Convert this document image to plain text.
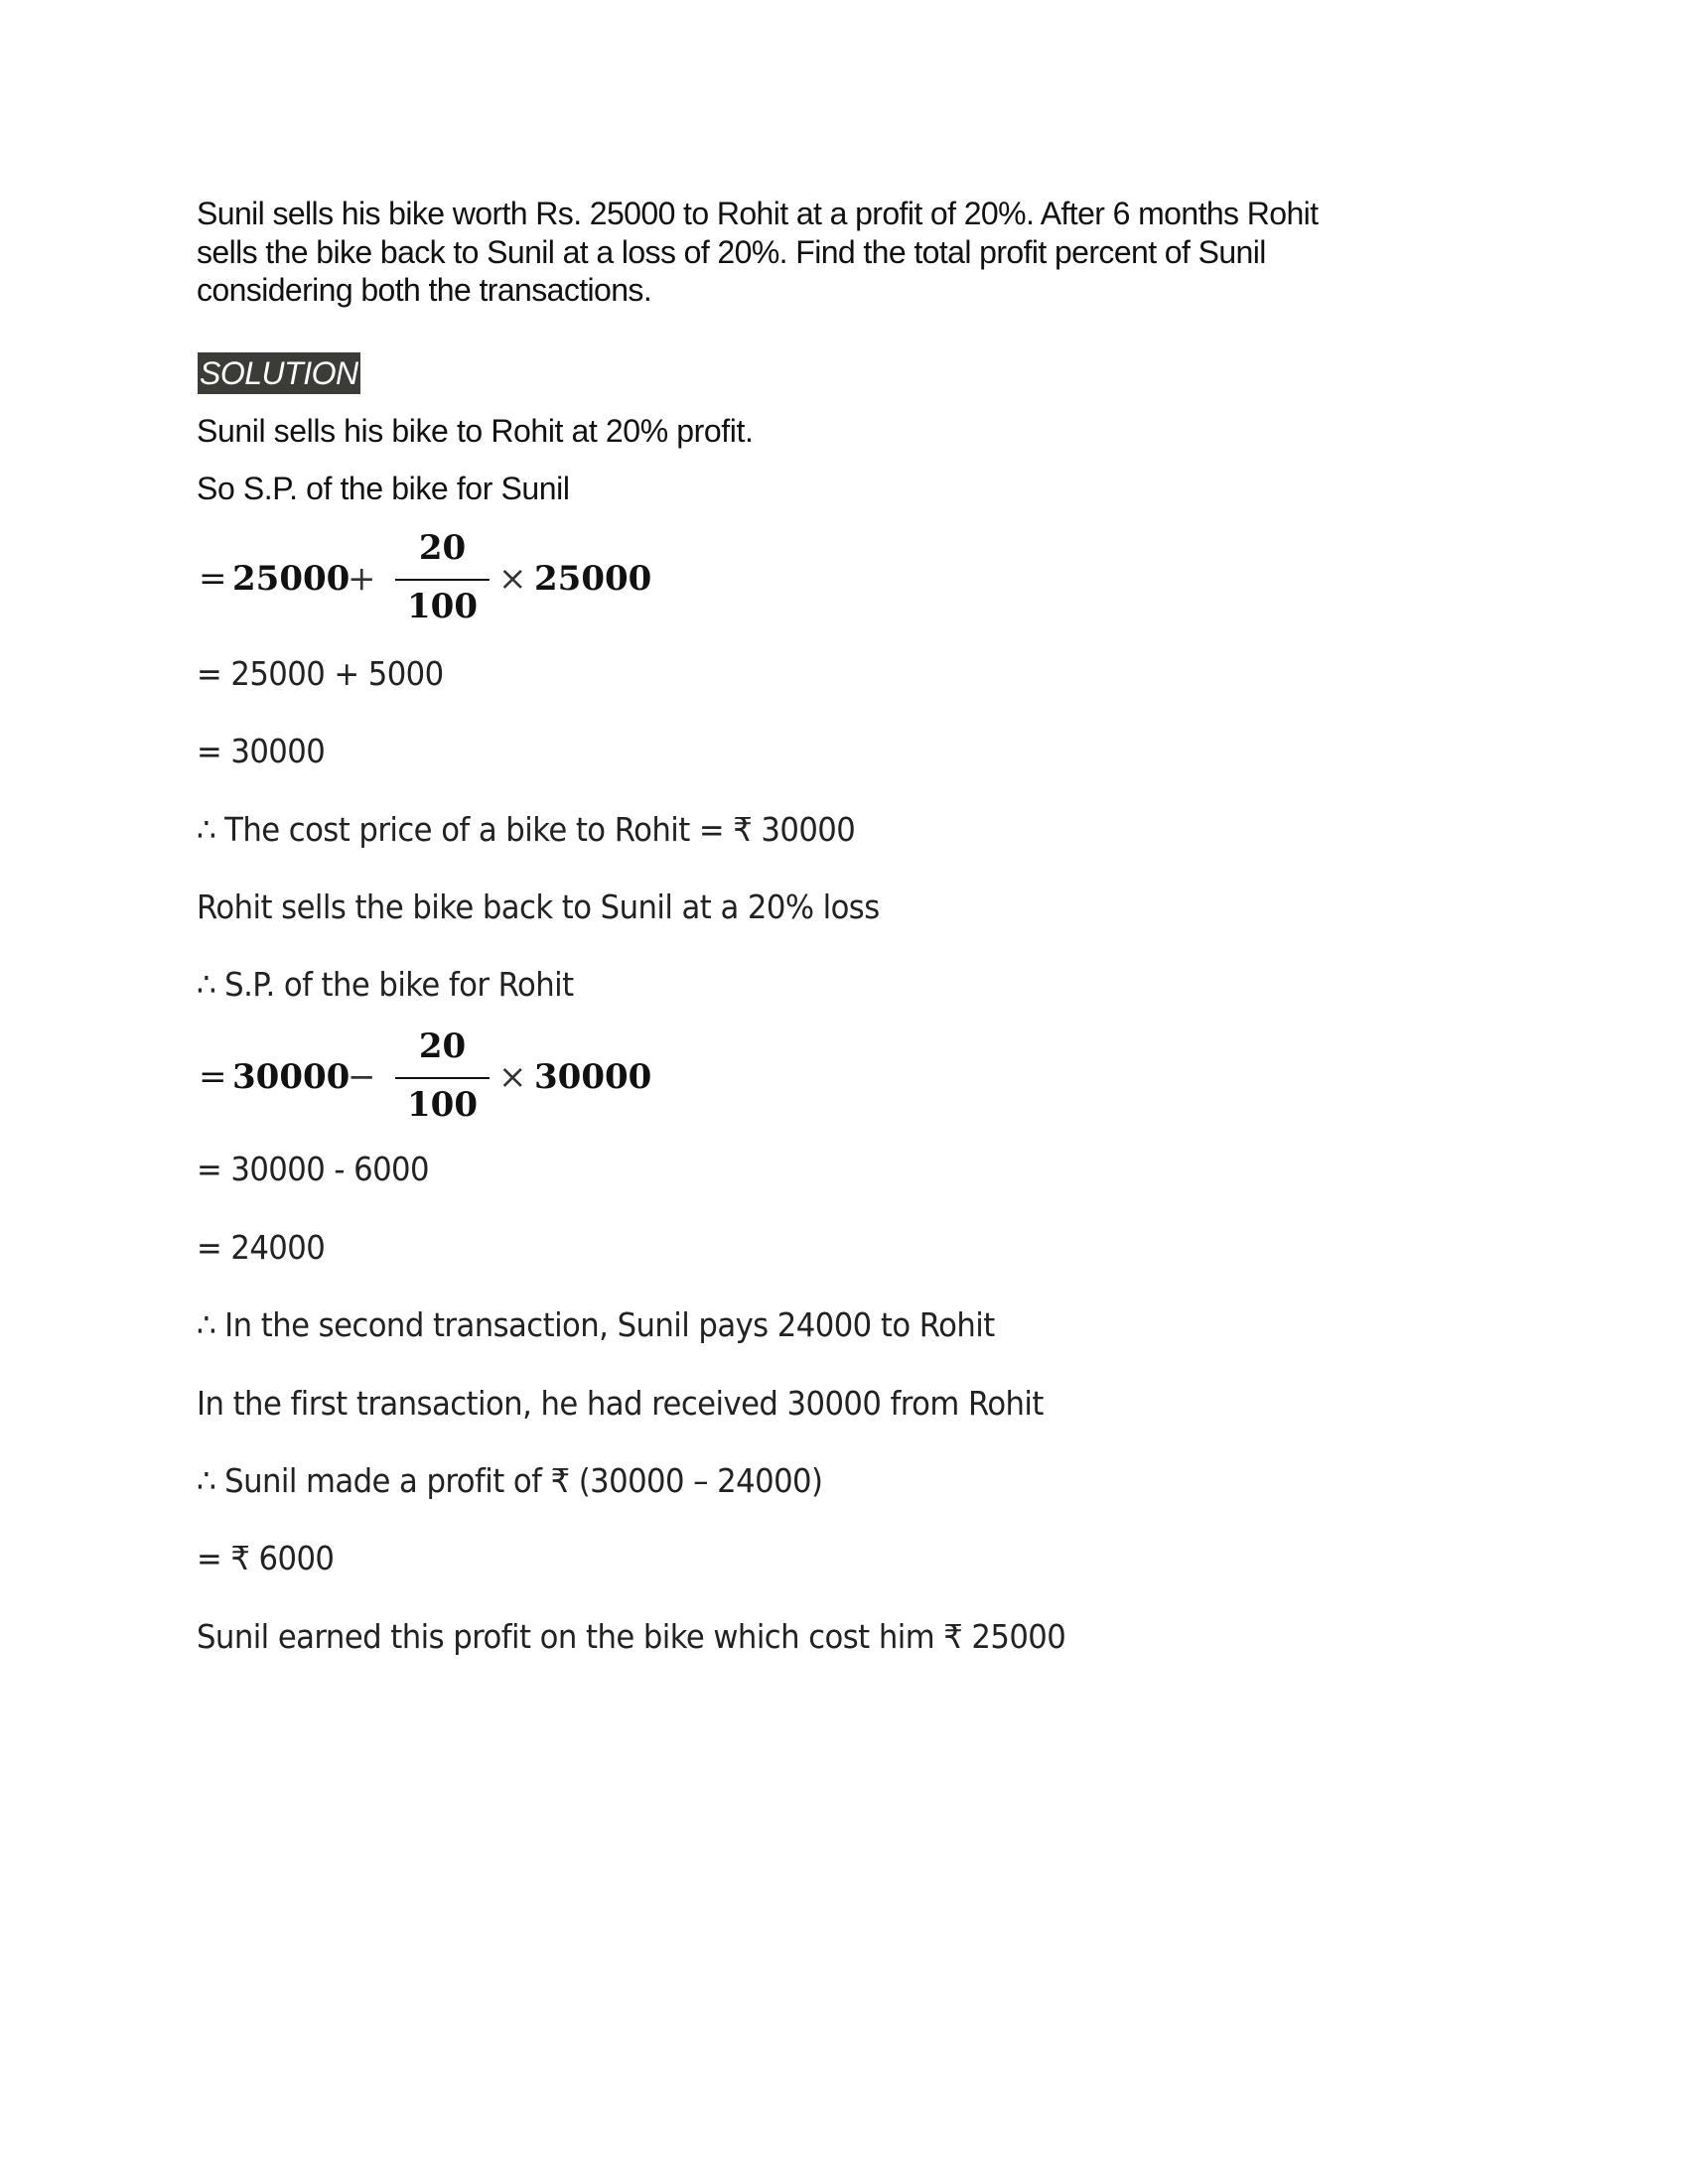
Sunil sells his bike worth Rs. 25000 to Rohit at a profit of 20%. After 6 months Rohit
sells the bike back to Sunil at a loss of 20%. Find the total profit percent of Sunil
considering both the transactions.
SOLUTION
Sunil sells his bike to Rohit at 20% profit.
So S.P. of the bike for Sunil
= 25000
+
20
100
× 25000
= 25000 + 5000
= 30000
∴ The cost price of a bike to Rohit = ₹ 30000
Rohit sells the bike back to Sunil at a 20% loss
∴ S.P. of the bike for Rohit
= 30000
−
20
100
× 30000
= 30000 - 6000
= 24000
∴ In the second transaction, Sunil pays 24000 to Rohit
In the first transaction, he had received 30000 from Rohit
∴ Sunil made a profit of ₹ (30000 – 24000)
= ₹ 6000
Sunil earned this profit on the bike which cost him ₹ 25000
